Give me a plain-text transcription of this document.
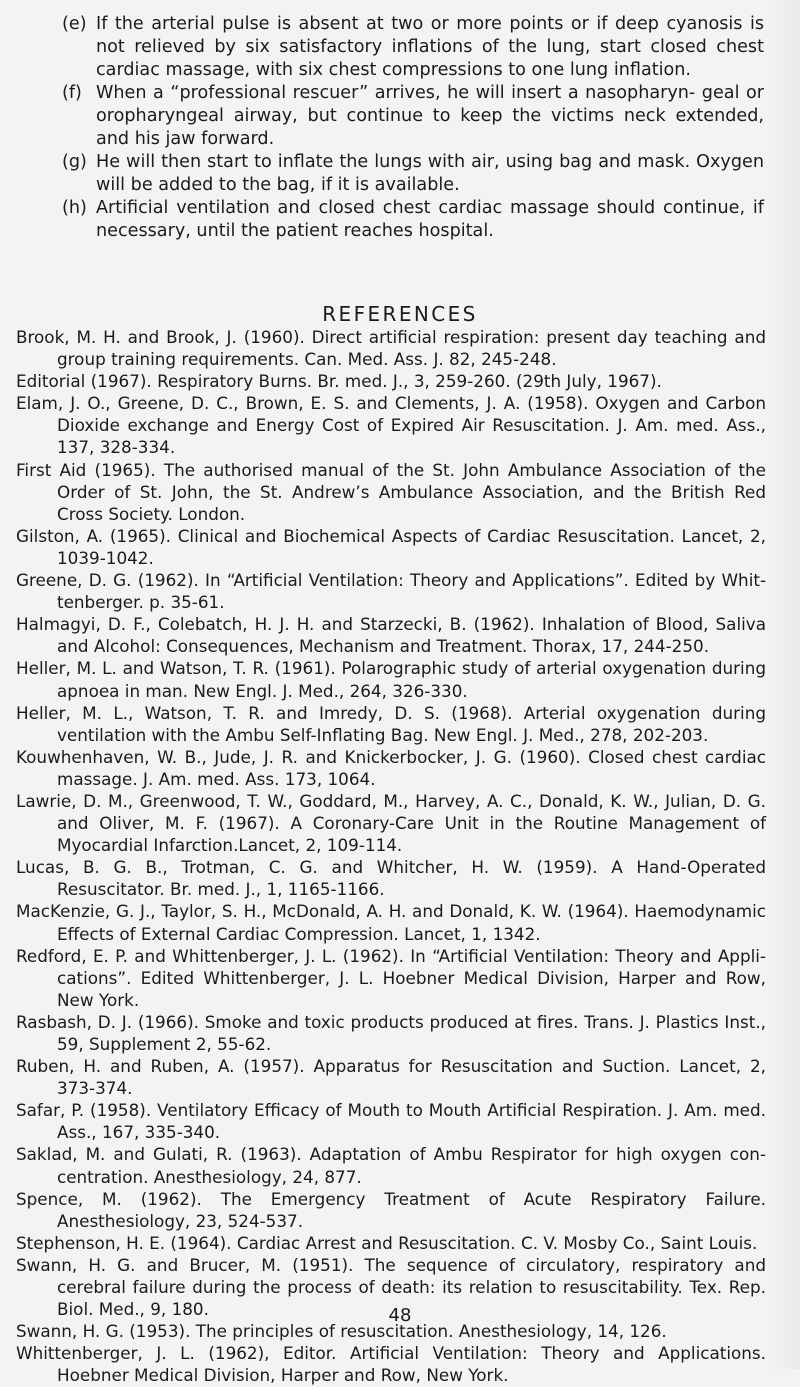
(e) If the arterial pulse is absent at two or more points or if deep cyanosis is not relieved by six satisfactory inflations of the lung, start closed chest cardiac massage, with six chest compressions to one lung inflation.

(f) When a “professional rescuer” arrives, he will insert a nasopharyn- geal or oropharyngeal airway, but continue to keep the victims neck extended, and his jaw forward.

(g) He will then start to inflate the lungs with air, using bag and mask. Oxygen will be added to the bag, if it is available.

(h) Artificial ventilation and closed chest cardiac massage should continue, if necessary, until the patient reaches hospital.

REFERENCES

Brook, M. H. and Brook, J. (1960). Direct artificial respiration: present day teaching and group training requirements. Can. Med. Ass. J. 82, 245-248.

Editorial (1967). Respiratory Burns. Br. med. J., 3, 259-260. (29th July, 1967).

Elam, J. O., Greene, D. C., Brown, E. S. and Clements, J. A. (1958). Oxygen and Carbon Dioxide exchange and Energy Cost of Expired Air Resuscitation. J. Am. med. Ass., 137, 328-334.

First Aid (1965). The authorised manual of the St. John Ambulance Association of the Order of St. John, the St. Andrew’s Ambulance Association, and the British Red Cross Society. London.

Gilston, A. (1965). Clinical and Biochemical Aspects of Cardiac Resuscitation. Lancet, 2, 1039-1042.

Greene, D. G. (1962). In “Artificial Ventilation: Theory and Applications”. Edited by Whit- tenberger. p. 35-61.

Halmagyi, D. F., Colebatch, H. J. H. and Starzecki, B. (1962). Inhalation of Blood, Saliva and Alcohol: Consequences, Mechanism and Treatment. Thorax, 17, 244-250.

Heller, M. L. and Watson, T. R. (1961). Polarographic study of arterial oxygenation during apnoea in man. New Engl. J. Med., 264, 326-330.

Heller, M. L., Watson, T. R. and Imredy, D. S. (1968). Arterial oxygenation during ventilation with the Ambu Self-Inflating Bag. New Engl. J. Med., 278, 202-203.

Kouwhenhaven, W. B., Jude, J. R. and Knickerbocker, J. G. (1960). Closed chest cardiac massage. J. Am. med. Ass. 173, 1064.

Lawrie, D. M., Greenwood, T. W., Goddard, M., Harvey, A. C., Donald, K. W., Julian, D. G. and Oliver, M. F. (1967). A Coronary-Care Unit in the Routine Management of Myocardial Infarction.Lancet, 2, 109-114.

Lucas, B. G. B., Trotman, C. G. and Whitcher, H. W. (1959). A Hand-Operated Resuscitator. Br. med. J., 1, 1165-1166.

MacKenzie, G. J., Taylor, S. H., McDonald, A. H. and Donald, K. W. (1964). Haemodynamic Effects of External Cardiac Compression. Lancet, 1, 1342.

Redford, E. P. and Whittenberger, J. L. (1962). In “Artificial Ventilation: Theory and Appli- cations”. Edited Whittenberger, J. L. Hoebner Medical Division, Harper and Row, New York.

Rasbash, D. J. (1966). Smoke and toxic products produced at fires. Trans. J. Plastics Inst., 59, Supplement 2, 55-62.

Ruben, H. and Ruben, A. (1957). Apparatus for Resuscitation and Suction. Lancet, 2, 373-374.

Safar, P. (1958). Ventilatory Efficacy of Mouth to Mouth Artificial Respiration. J. Am. med. Ass., 167, 335-340.

Saklad, M. and Gulati, R. (1963). Adaptation of Ambu Respirator for high oxygen con- centration. Anesthesiology, 24, 877.

Spence, M. (1962). The Emergency Treatment of Acute Respiratory Failure. Anesthesiology, 23, 524-537.

Stephenson, H. E. (1964). Cardiac Arrest and Resuscitation. C. V. Mosby Co., Saint Louis.

Swann, H. G. and Brucer, M. (1951). The sequence of circulatory, respiratory and cerebral failure during the process of death: its relation to resuscitability. Tex. Rep. Biol. Med., 9, 180.

Swann, H. G. (1953). The principles of resuscitation. Anesthesiology, 14, 126.

Whittenberger, J. L. (1962), Editor. Artificial Ventilation: Theory and Applications. Hoebner Medical Division, Harper and Row, New York.

48
